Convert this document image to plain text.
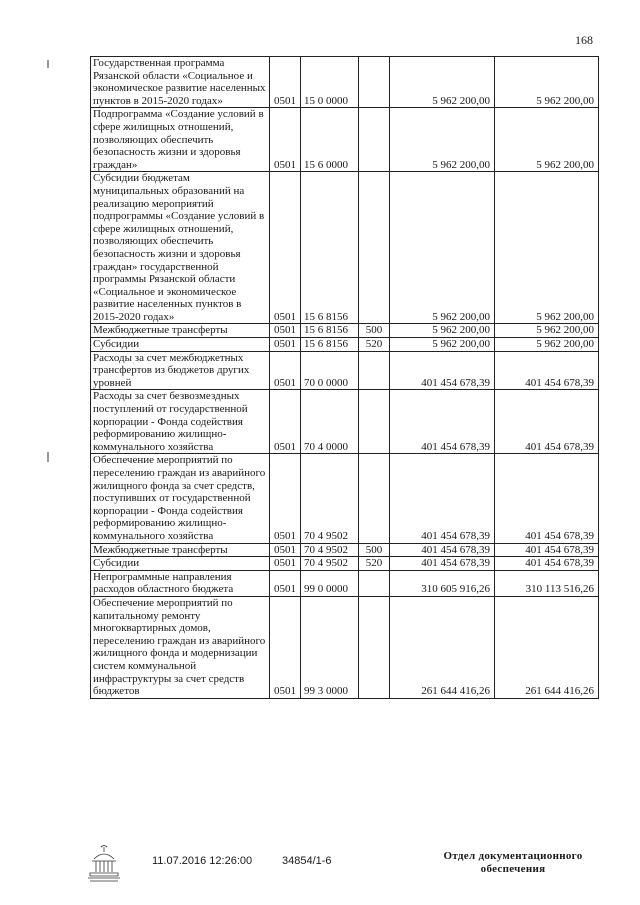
168
Государственная программа Рязанской области «Социальное и экономическое развитие населенных пунктов в 2015-2020 годах»	0501	15 0 0000		5 962 200,00	5 962 200,00
Подпрограмма «Создание условий в сфере жилищных отношений, позволяющих обеспечить безопасность жизни и здоровья граждан»	0501	15 6 0000		5 962 200,00	5 962 200,00
Субсидии бюджетам муниципальных образований на реализацию мероприятий подпрограммы «Создание условий в сфере жилищных отношений, позволяющих обеспечить безопасность жизни и здоровья граждан» государственной программы Рязанской области «Социальное и экономическое развитие населенных пунктов в 2015-2020 годах»	0501	15 6 8156		5 962 200,00	5 962 200,00
Межбюджетные трансферты	0501	15 6 8156	500	5 962 200,00	5 962 200,00
Субсидии	0501	15 6 8156	520	5 962 200,00	5 962 200,00
Расходы за счет межбюджетных трансфертов из бюджетов других уровней	0501	70 0 0000		401 454 678,39	401 454 678,39
Расходы за счет безвозмездных поступлений от государственной корпорации - Фонда содействия реформированию жилищно-коммунального хозяйства	0501	70 4 0000		401 454 678,39	401 454 678,39
Обеспечение мероприятий по переселению граждан из аварийного жилищного фонда за счет средств, поступивших от государственной корпорации - Фонда содействия реформированию жилищно-коммунального хозяйства	0501	70 4 9502		401 454 678,39	401 454 678,39
Межбюджетные трансферты	0501	70 4 9502	500	401 454 678,39	401 454 678,39
Субсидии	0501	70 4 9502	520	401 454 678,39	401 454 678,39
Непрограммные направления расходов областного бюджета	0501	99 0 0000		310 605 916,26	310 113 516,26
Обеспечение мероприятий по капитальному ремонту многоквартирных домов, переселению граждан из аварийного жилищного фонда и модернизации систем коммунальной инфраструктуры за счет средств бюджетов	0501	99 3 0000		261 644 416,26	261 644 416,26
11.07.2016 12:26:00	34854/1-6	Отдел документационного
обеспечения
